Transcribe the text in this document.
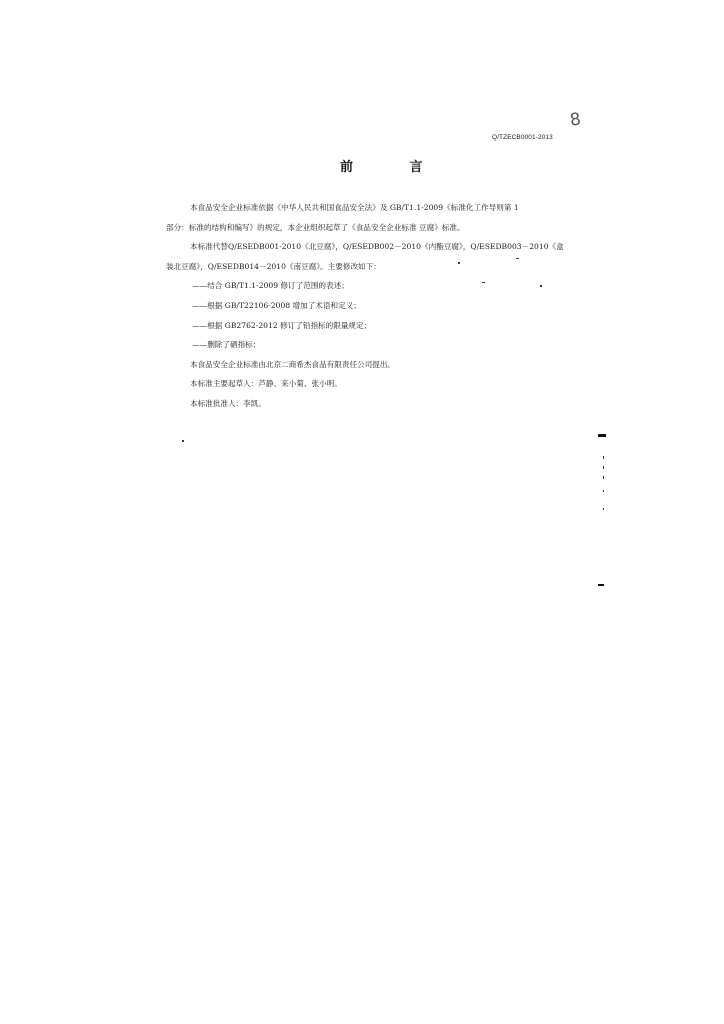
8
Q/TZECB0001-2013
前 言
本食品安全企业标准依据《中华人民共和国食品安全法》及 GB/T1.1-2009《标准化工作导则第 1
部分：标准的结构和编写》的规定，本企业组织起草了《食品安全企业标准 豆腐》标准。
本标准代替Q/ESEDB001-2010《北豆腐》，Q/ESEDB002－2010《内酯豆腐》，Q/ESEDB003－2010《盒
装北豆腐》，Q/ESEDB014－2010《南豆腐》。主要修改如下：
——结合 GB/T1.1-2009 修订了范围的表述；
——根据 GB/T22106-2008 增加了术语和定义；
——根据 GB2762-2012 修订了铅指标的限量规定；
——删除了硒指标；
本食品安全企业标准由北京二商希杰食品有限责任公司提出。
本标准主要起草人：芦静、来小菊、张小明。
本标准批准人：李凯。
